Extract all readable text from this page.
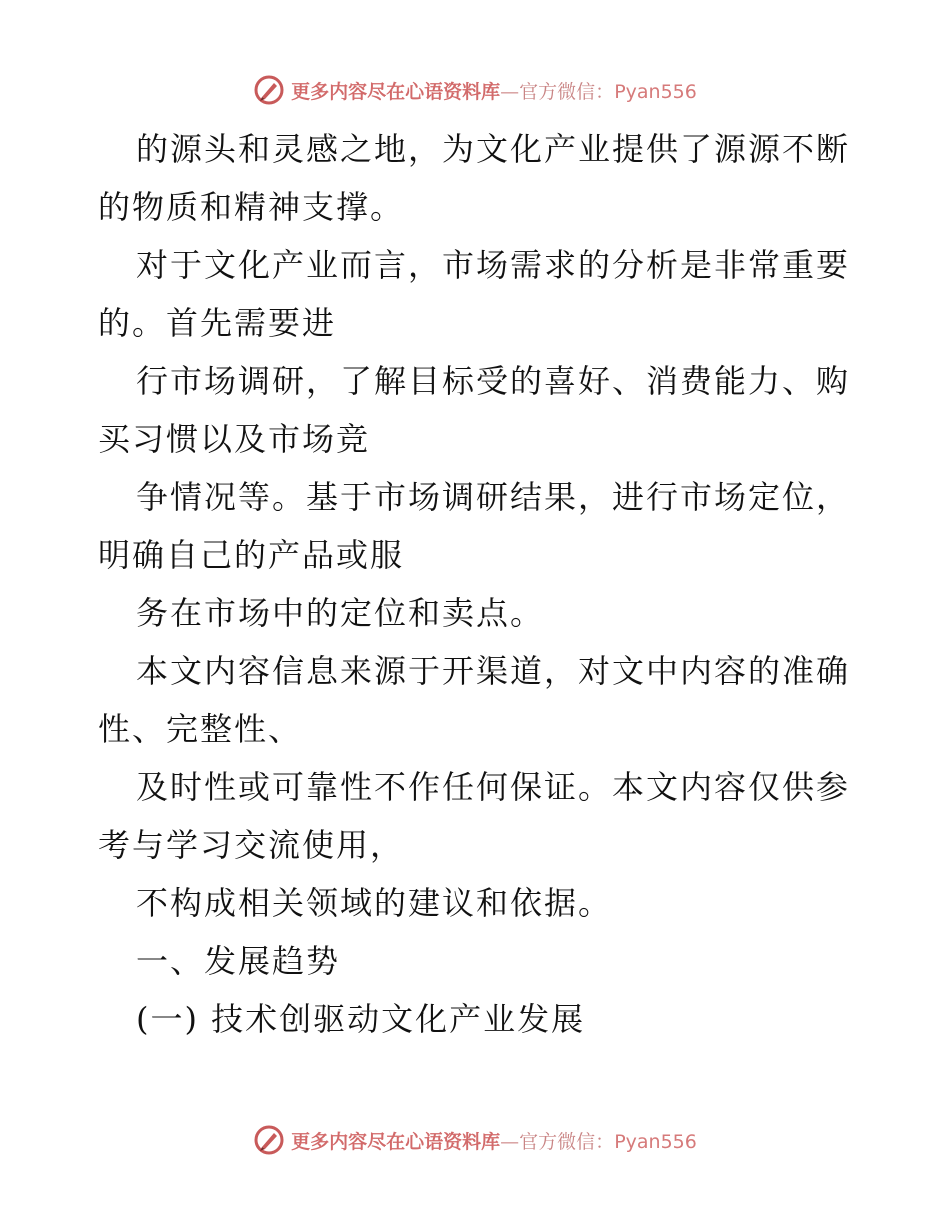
更多内容尽在心语资料库—官方微信：Pyan556
的源头和灵感之地，为文化产业提供了源源不断
的物质和精神支撑。
对于文化产业而言，市场需求的分析是非常重要
的。首先需要进
行市场调研，了解目标受的喜好、消费能力、购
买习惯以及市场竞
争情况等。基于市场调研结果，进行市场定位，
明确自己的产品或服
务在市场中的定位和卖点。
本文内容信息来源于开渠道，对文中内容的准确
性、完整性、
及时性或可靠性不作任何保证。本文内容仅供参
考与学习交流使用，
不构成相关领域的建议和依据。
一、发展趋势
(一) 技术创驱动文化产业发展
更多内容尽在心语资料库—官方微信：Pyan556
